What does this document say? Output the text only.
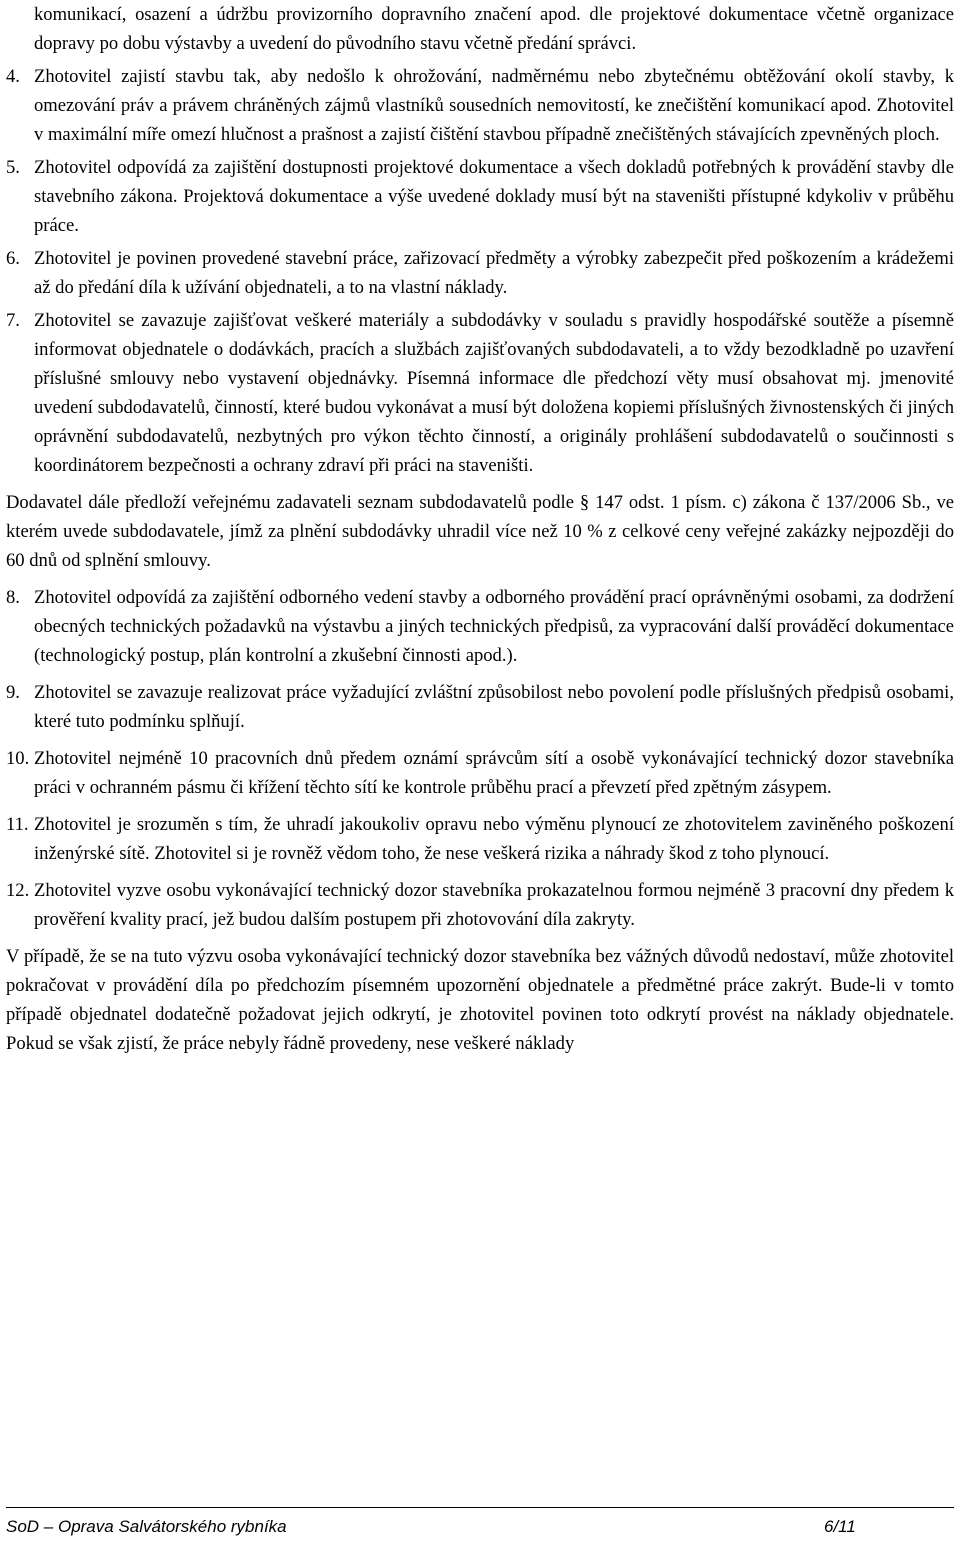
komunikací, osazení a údržbu provizorního dopravního značení apod. dle projektové dokumentace včetně organizace dopravy po dobu výstavby a uvedení do původního stavu včetně předání správci.

4. Zhotovitel zajistí stavbu tak, aby nedošlo k ohrožování, nadměrnému nebo zbytečnému obtěžování okolí stavby, k omezování práv a právem chráněných zájmů vlastníků sousedních nemovitostí, ke znečištění komunikací apod. Zhotovitel v maximální míře omezí hlučnost a prašnost a zajistí čištění stavbou případně znečištěných stávajících zpevněných ploch.
5. Zhotovitel odpovídá za zajištění dostupnosti projektové dokumentace a všech dokladů potřebných k provádění stavby dle stavebního zákona. Projektová dokumentace a výše uvedené doklady musí být na staveništi přístupné kdykoliv v průběhu práce.
6. Zhotovitel je povinen provedené stavební práce, zařizovací předměty a výrobky zabezpečit před poškozením a krádežemi až do předání díla k užívání objednateli, a to na vlastní náklady.
7. Zhotovitel se zavazuje zajišťovat veškeré materiály a subdodávky v souladu s pravidly hospodářské soutěže a písemně informovat objednatele o dodávkách, pracích a službách zajišťovaných subdodavateli, a to vždy bezodkladně po uzavření příslušné smlouvy nebo vystavení objednávky. Písemná informace dle předchozí věty musí obsahovat mj. jmenovité uvedení subdodavatelů, činností, které budou vykonávat a musí být doložena kopiemi příslušných živnostenských či jiných oprávnění subdodavatelů, nezbytných pro výkon těchto činností, a originály prohlášení subdodavatelů o součinnosti s koordinátorem bezpečnosti a ochrany zdraví při práci na staveništi.

Dodavatel dále předloží veřejnému zadavateli seznam subdodavatelů podle § 147 odst. 1 písm. c) zákona č 137/2006 Sb., ve kterém uvede subdodavatele, jímž za plnění subdodávky uhradil více než 10 % z celkové ceny veřejné zakázky nejpozději do 60 dnů od splnění smlouvy.

8. Zhotovitel odpovídá za zajištění odborného vedení stavby a odborného provádění prací oprávněnými osobami, za dodržení obecných technických požadavků na výstavbu a jiných technických předpisů, za vypracování další prováděcí dokumentace (technologický postup, plán kontrolní a zkušební činnosti apod.).
9. Zhotovitel se zavazuje realizovat práce vyžadující zvláštní způsobilost nebo povolení podle příslušných předpisů osobami, které tuto podmínku splňují.
10. Zhotovitel nejméně 10 pracovních dnů předem oznámí správcům sítí a osobě vykonávající technický dozor stavebníka práci v ochranném pásmu či křížení těchto sítí ke kontrole průběhu prací a převzetí před zpětným zásypem.
11. Zhotovitel je srozuměn s tím, že uhradí jakoukoliv opravu nebo výměnu plynoucí ze zhotovitelem zaviněného poškození inženýrské sítě. Zhotovitel si je rovněž vědom toho, že nese veškerá rizika a náhrady škod z toho plynoucí.
12. Zhotovitel vyzve osobu vykonávající technický dozor stavebníka prokazatelnou formou nejméně 3 pracovní dny předem k prověření kvality prací, jež budou dalším postupem při zhotovování díla zakryty.

V případě, že se na tuto výzvu osoba vykonávající technický dozor stavebníka bez vážných důvodů nedostaví, může zhotovitel pokračovat v provádění díla po předchozím písemném upozornění objednatele a předmětné práce zakrýt. Bude-li v tomto případě objednatel dodatečně požadovat jejich odkrytí, je zhotovitel povinen toto odkrytí provést na náklady objednatele. Pokud se však zjistí, že práce nebyly řádně provedeny, nese veškeré náklady

SoD – Oprava Salvátorského rybníka	6/11
